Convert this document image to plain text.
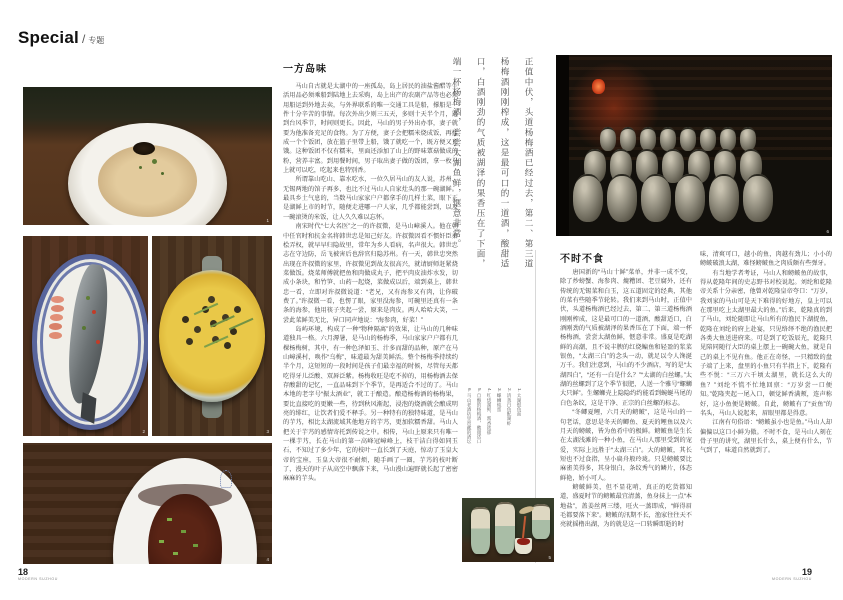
Special / 专题
1
2	3
4
一方岛味

马山自古就是太湖中的一座孤岛，岛上居民的油盐酱醋等生活用品必须乘船到陆地上去采购，岛上出产的农副产品等也必须用船运到外地去卖，与外界联系的唯一交通工具是船，撑船是一件十分辛苦的事情。每次外出少则三五天，多则十天半个月，遇到台风季节，时间则更长。因此，马山的男子外出办事，妻子就要为他准备充足的食物。为了方便，妻子会把糯米烧成饭，再揉成一个个饭团，放在篮子里带上船，饿了就吃一个，既方便又顶饿。这种饭团不仅有糯米，里面还添加了山上的野味蕈菇做成的粉，营养丰富。到用餐时间，男子取出妻子做的饭团，拿一枚马上就可以吃，吃起来也特别香。

所谓靠山吃山、靠水吃水，一位久居马山的友人说，苏州、无锡两地的馆子再多，也比不过马山人自家灶头的那一碗湖鲜。最具乡土气息的，当数马山家家户户都拿手的几样土菜，眼下正是湖鲜上市的时节，随便走进哪一户人家，几乎都能尝到，以及一碗滚烫的米饭，让人久久难以忘怀。

南宋时代“七大名医”之一的许叔微，是马山嶂溪人。他在朝中任官时和抗金名将韩世忠是知己好友。许叔微因看不惯奸臣秦桧弄权，就早早归隐故里，常年为乡人看病，名声很大。韩世忠志在守边防，岳飞被害后也辞官归隐苏州。有一天，韩世忠突然出现在许叔微的家里，许叔微见到故友很高兴，就请厨师赶紧烧菜做饭。烧菜师傅就把鱼和肉做成丸子，把平肉皮油炸水发，切成小条块，和竹笋、山药一起烧，菜做成以后，端到桌上，韩世忠一看，立即对许叔微说道：“老兄，又有海参又有肉，让你破费了。”许叔微一看，也愣了眼，家里没海参，可碗里还真有一条条的海参，他用筷子夹起一尝，原来是肉皮。两人哈哈大笑，一尝此菜鲜美无比，异口同声地说：“海参肉，好菜！”

岛屿环境，构成了一种“物种隔离”的效果，让马山的几种味道独具一格。六月溽暑，是马山的杨梅季，马山家家户户都有几棵杨梅树，其中，有一种色泽如玉、汁多而甜的品种，原产在马山嶂溪村，唤作“乌梅”，味道最为甜美鲜活。整个杨梅季持续约半个月，这短短的一段时间是孩子们最幸福的时候，尽管每天都吃得牙儿泛酸、双唇泛紫。杨梅收旺是吃不掉的，用杨梅酒去保存酸甜的记忆，一直品味到下个季节，是再适合不过的了。马山本地的老字号“振太酒业”，就工于酿造。酿造杨梅酒的杨梅果，要比直接吃的更嫩一些，待到秋风渐起，浸泡的烧酒就会酿成明亮的绯红，让饮者们爱不释手。另一种特有的独特味道，是马山的芋艿，相比太湖流域其他地方的芋艿，更加软糯香甜。马山人把关于芋艿的感情寄托到传说之中。相传，马山上原来只有唯一一棵芋艿，长在马山的第一高峰冠嶂峰上，枝干洁白得如同玉石，不知过了多少年，它的枝叶一直长到了天庭，惊动了玉皇大帝的宝座，玉皇大帝很不耐烦，随手画了一圈，芋艿的枝叶断了，漫天的叶子从高空中飘落下来，马山漫山遍野就长起了密密麻麻的芋头。

正值中伏，头道杨梅酒已经过去，第二、第三道杨梅酒刚刚榨成，这是最可口的一道酒，酸甜适口，白酒刚劲的气质被湖泽的果香压在了下面，端一杯杨梅酒，尝尝太湖鱼鲜，惬意非常。
1. 太湖银鱼面
2. 清蒸白鱼配湖虾
3. 螺蛳炖蛋
4. 红烧湖鲜，酱香浓郁
5. 自酿的杨梅酒，酸甜适口
6. 马山老酒坊里窖藏的酒坛
5
6
不时不食

唐国新的“马山十鲜”菜单，并非一成不变，除了炒螃蟹、海参肉、熝糟团、老豆腐外，还有传统的无锡菜和白玉，这五道固定的经典，其他的菜有些随季节轮转。我们来到马山时，正值中伏，头道杨梅酒已经过去，第二、第三道杨梅酒刚刚榨成，这是最可口的一道酒，酸甜适口，白酒刚劲的气质被湖泽的果香压在了下面，端一杯杨梅酒，尝尝太湖鱼鲜，惬意非常。盛夏是吃湖鲜的高潮，且不说丰腴的红烧鳊鱼和轻盈的浆菜银鱼，“太湖三白”的念头一动，就足以令人馋涎万千。我们注意到，马山的不少酒店，写的是“太湖四白”，“还有一白是什么？”“太湖的白丝螺。”太湖的丝螺到了这个季节很肥，人送一个雅号“螺蛳大只鲜”。生螺蛳壳上隐隐约约能看到蜿蜒马尾的白色条纹，这是干净、正宗的白丝螺的标志。

“冬鲫夏鲤，六月天的鳑鲏”，这是马山的一句老话，意思是冬天的鲫鱼、夏天的鲤鱼以及六月天的鳑鲏，皆为鱼肴中的极鲜。鳑鲏鱼是生长在太湖浅滩的一种小鱼，在马山人那里受到的宠爱，实际上远胜于“太湖三白”。大的鳑鲏，其长短也不过食指，呈小扁舟般玲珑。只是鳑鲏要比麻雀美得多，其身银白，条纹秀气的鳞片，体态鲜艳，娇小可人。

鳑鲏鲜美，但不显花哨，真正的吃货都知道，盛夏时节的鳑鲏最宜清蒸，鱼身抹上一点“本地盐”，盖姜丝两三缕，旺火一蒸即成，“鲜得眉毛都要落下来”。鳑鲏的汛期不长，渔家往往天不亮就摇橹出湖，为的就是这一口转瞬即逝的时

味，清爽可口，越小的鱼，肉越有劲儿；小小的鳑鲏破浪太湖，难怪鳑鲏鱼之肉质颇有些弹牙。

有当地学者考证，马山人和鳑鲏鱼的故事，得从乾隆年间的史志野书对校说起。刘纶和乾隆帝关系十分亲密，他曾对乾隆皇帝夸口：“万岁，我刘家的马山可是天下难得的好地方，皇上可以在那里吃上太湖里最大的鱼。”后来，乾隆真的到了马山，刘纶随即让马山所有的渔民下湖捉鱼，乾隆在刘纶的府上赴宴，只见络绎不绝的渔民把各类大鱼送进府来。可是到了吃饭辰光，乾隆只见陪同随行大臣的桌上摆上一碗碗大鱼，就是自己的桌上不见有鱼。他正在奇怪，一只精致的盘子端了上来，盘里的小鱼只有半指上下，乾隆有些不悦：“三万六千顷太湖里，就长这么大的鱼？”刘纶不慌不忙地回禀：“万岁尝一口便知。”乾隆夹起一尾入口，顿觉鲜香满颊，连声称好，这小鱼便是鳑鲏。自此，鳑鲏有了“贡鱼”的名头，马山人说起来，眉眼里都是得意。

江南有句俗语：“鳑鲏虽小也是鱼。”马山人却偏偏以这口小鲜为傲。不时不食，是马山人刻在骨子里的讲究，湖里长什么，桌上便有什么，节气到了，味道自然就到了。

18
MODERN SUZHOU
19
MODERN SUZHOU
